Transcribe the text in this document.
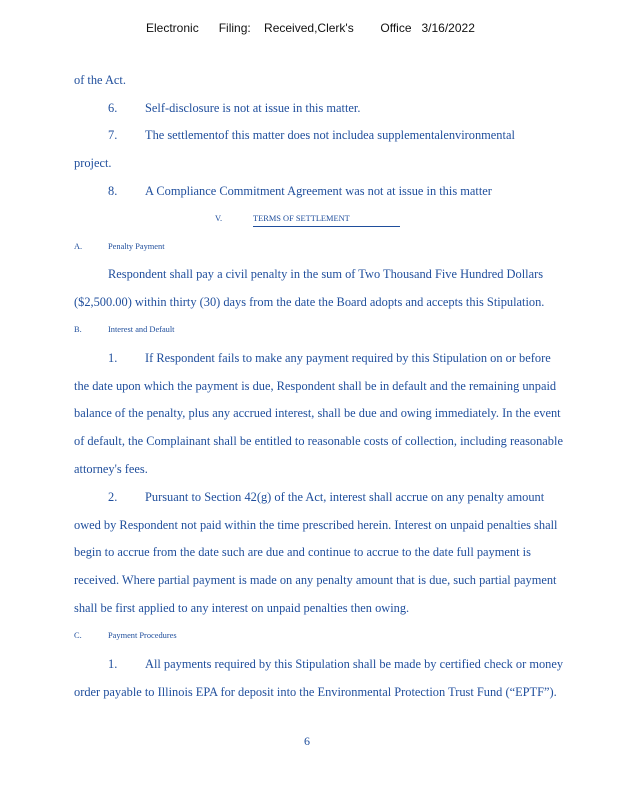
Electronic      Filing:    Received,Clerk's        Office   3/16/2022
of the Act.
6. Self-disclosure is not at issue in this matter.
7. The settlementof this matter does not includea supplementalenvironmental
project.
8. A Compliance Commitment Agreement was not at issue in this matter
V.	TERMS OF SETTLEMENT
A.	Penalty Payment
Respondent shall pay a civil penalty in the sum of Two Thousand Five Hundred Dollars
($2,500.00) within thirty (30) days from the date the Board adopts and accepts this Stipulation.
B.	Interest and Default
1. If Respondent fails to make any payment required by this Stipulation on or before
the date upon which the payment is due, Respondent shall be in default and the remaining unpaid
balance of the penalty, plus any accrued interest, shall be due and owing immediately. In the event
of default, the Complainant shall be entitled to reasonable costs of collection, including reasonable
attorney's fees.
2. Pursuant to Section 42(g) of the Act, interest shall accrue on any penalty amount
owed by Respondent not paid within the time prescribed herein. Interest on unpaid penalties shall
begin to accrue from the date such are due and continue to accrue to the date full payment is
received. Where partial payment is made on any penalty amount that is due, such partial payment
shall be first applied to any interest on unpaid penalties then owing.
C.	Payment Procedures
1. All payments required by this Stipulation shall be made by certified check or money
order payable to Illinois EPA for deposit into the Environmental Protection Trust Fund (“EPTF”).
6
